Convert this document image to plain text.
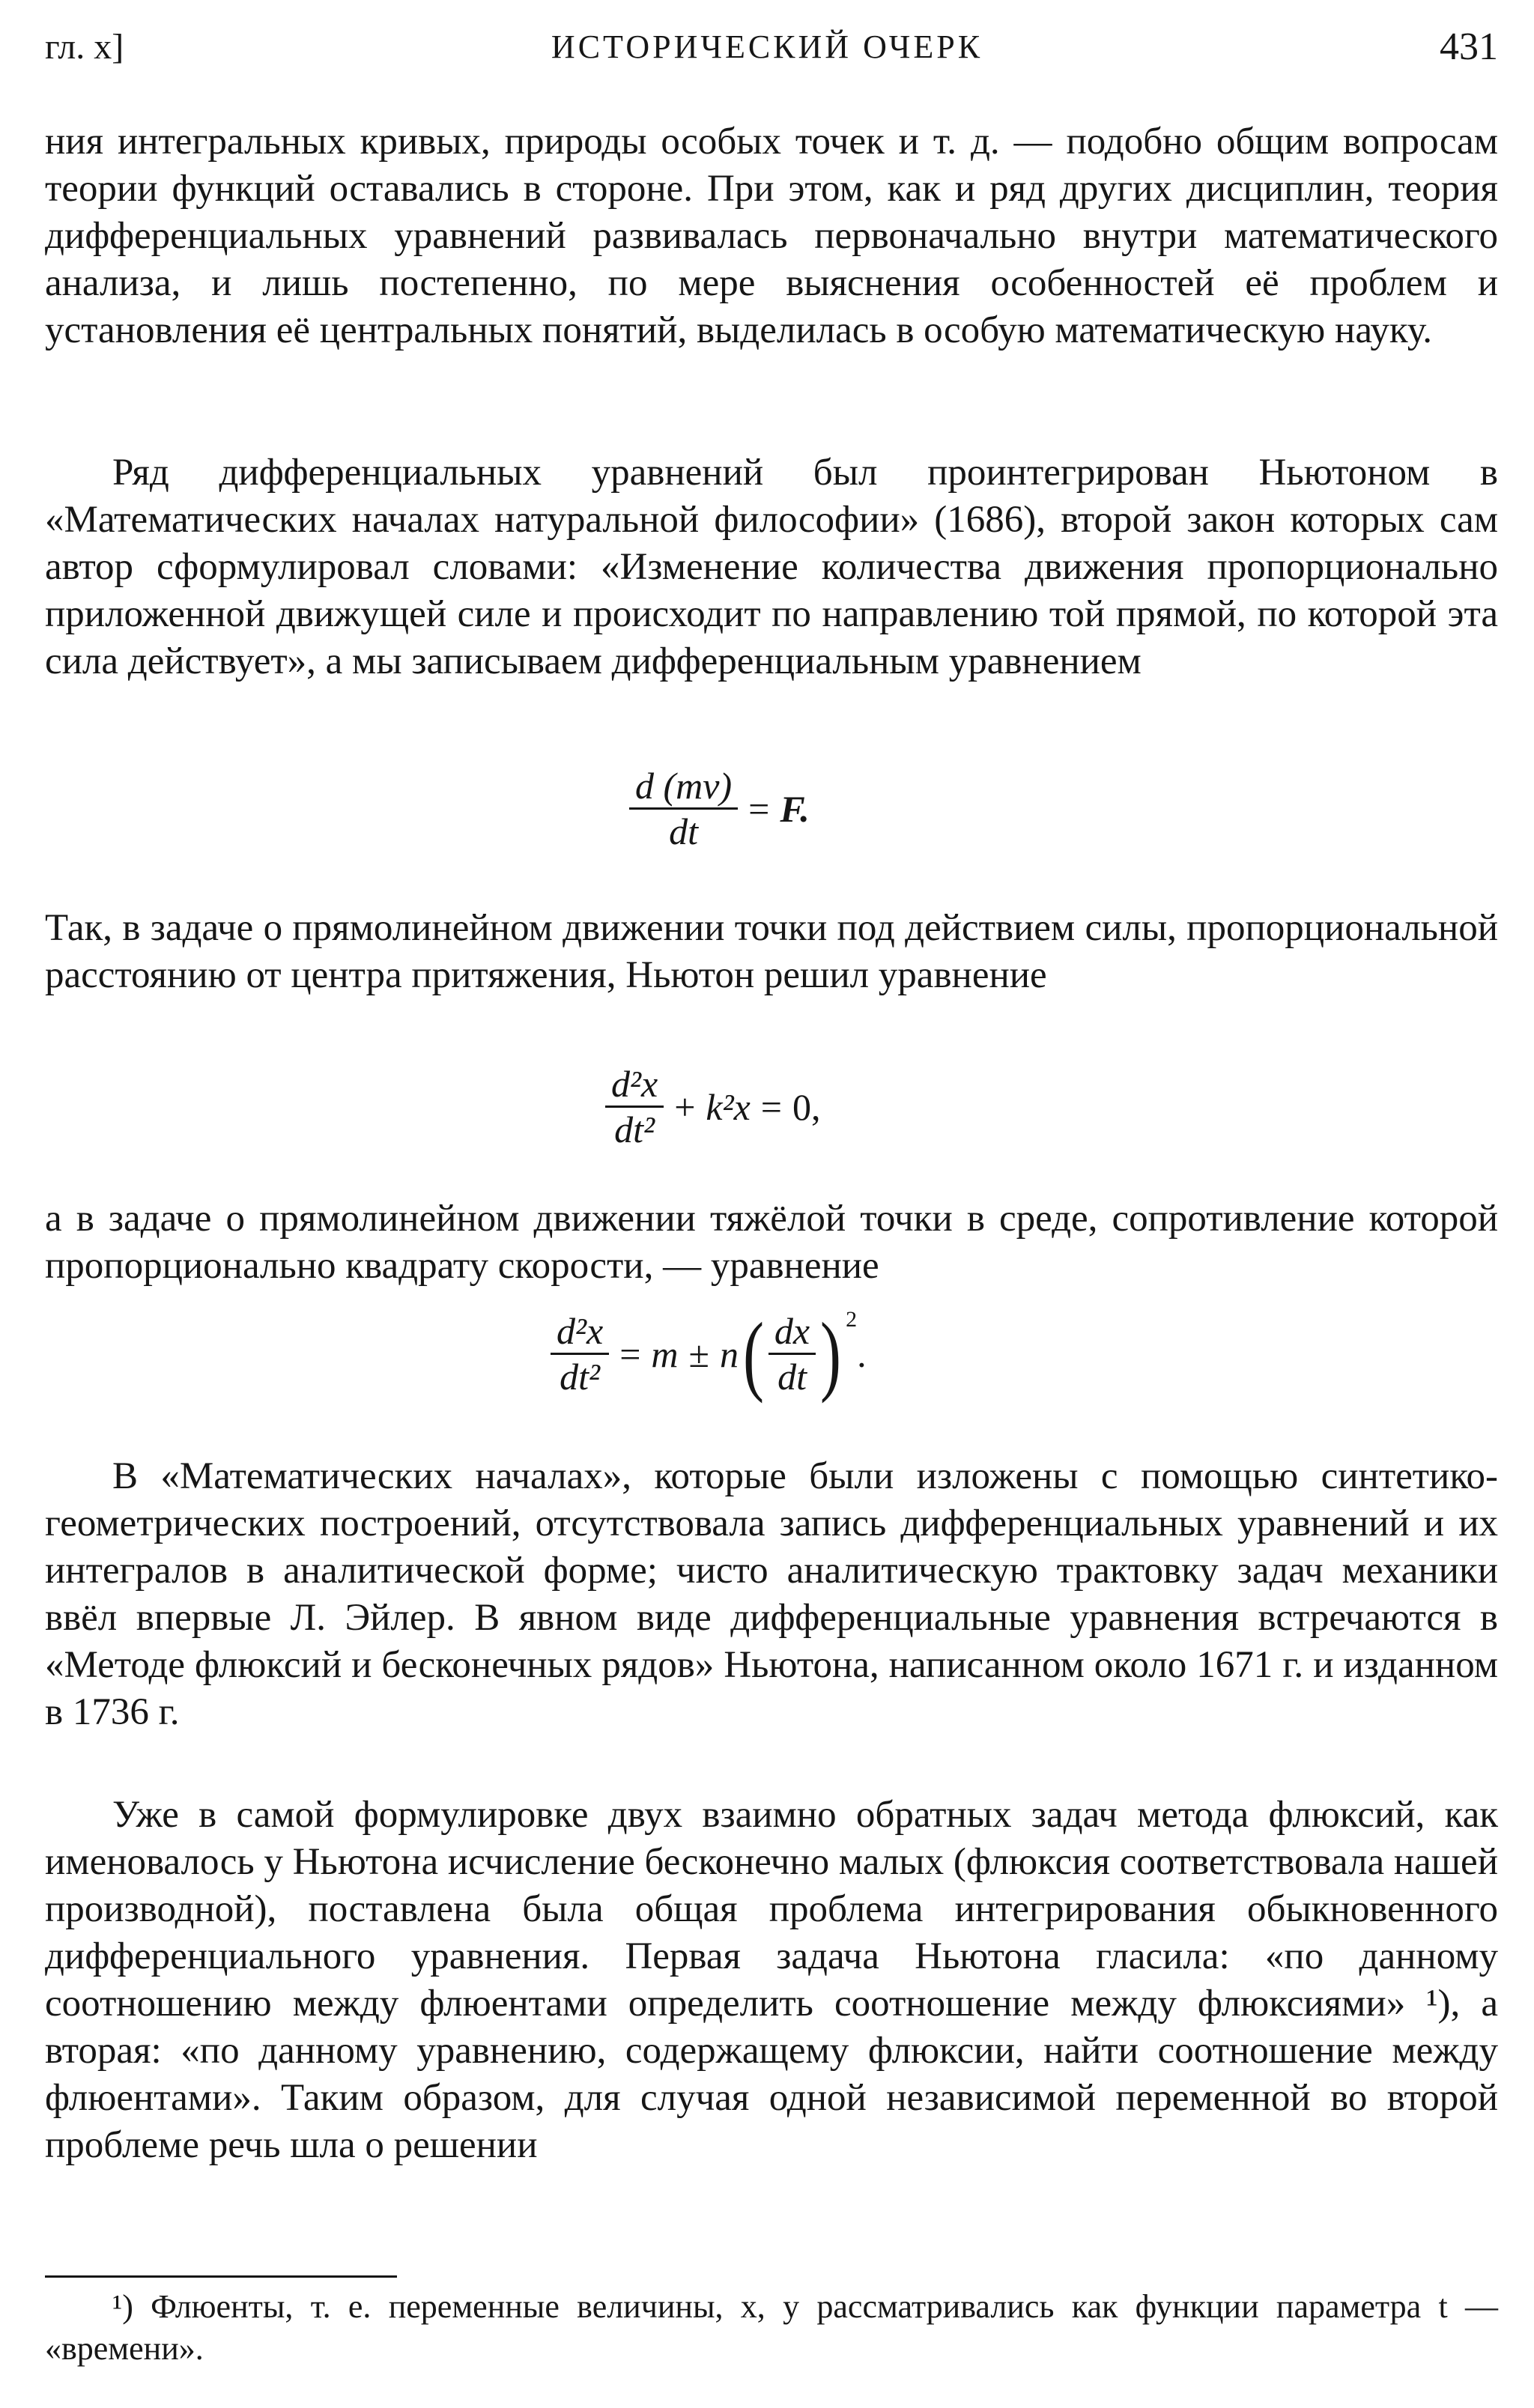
ИСТОРИЧЕСКИЙ ОЧЕРК
гл. x]	431
ния интегральных кривых, природы особых точек и т. д. — подобно общим вопросам теории функций оставались в стороне. При этом, как и ряд других дисциплин, теория дифференциальных уравнений развивалась первоначально внутри математического анализа, и лишь постепенно, по мере выяснения особенностей её проблем и установления её центральных понятий, выделилась в особую математическую науку.
Ряд дифференциальных уравнений был проинтегрирован Ньютоном в «Математических началах натуральной философии» (1686), второй закон которых сам автор сформулировал словами: «Изменение количества движения пропорционально приложенной движущей силе и происходит по направлению той прямой, по которой эта сила действует», а мы записываем дифференциальным уравнением
$\frac{d (mv)}{dt} = F$.
Так, в задаче о прямолинейном движении точки под действием силы, пропорциональной расстоянию от центра притяжения, Ньютон решил уравнение
$\frac{\text{d²x}}{\text{dt²}} + k^2x = 0$,
а в задаче о прямолинейном движении тяжёлой точки в среде, сопротивление которой пропорционально квадрату скорости, — уравнение
$\frac{\text{d²x}}{\text{dt²}} = m \pm n( \frac{dx}{dt}$ ) $^2$.
В «Математических началах», которые были изложены с помощью синтетико-геометрических построений, отсутствовала запись дифференциальных уравнений и их интегралов в аналитической форме; чисто аналитическую трактовку задач механики ввёл впервые Л. Эйлер. В явном виде дифференциальные уравнения встречаются в «Методе флюксий и бесконечных рядов» Ньютона, написанном около 1671 г. и изданном в 1736 г.
Уже в самой формулировке двух взаимно обратных задач метода флюксий, как именовалось у Ньютона исчисление бесконечно малых (флюксия соответствовала нашей производной), поставлена была общая проблема интегрирования обыкновенного дифференциального уравнения. Первая задача Ньютона гласила: «по данному соотношению между флюентами определить соотношение между флюксиями» ¹), а вторая: «по данному уравнению, содержащему флюксии, найти соотношение между флюентами». Таким образом, для случая одной независимой переменной во второй проблеме речь шла о решении
¹) Флюенты, т. е. переменные величины, x, y рассматривались как функции параметра t — «времени».
